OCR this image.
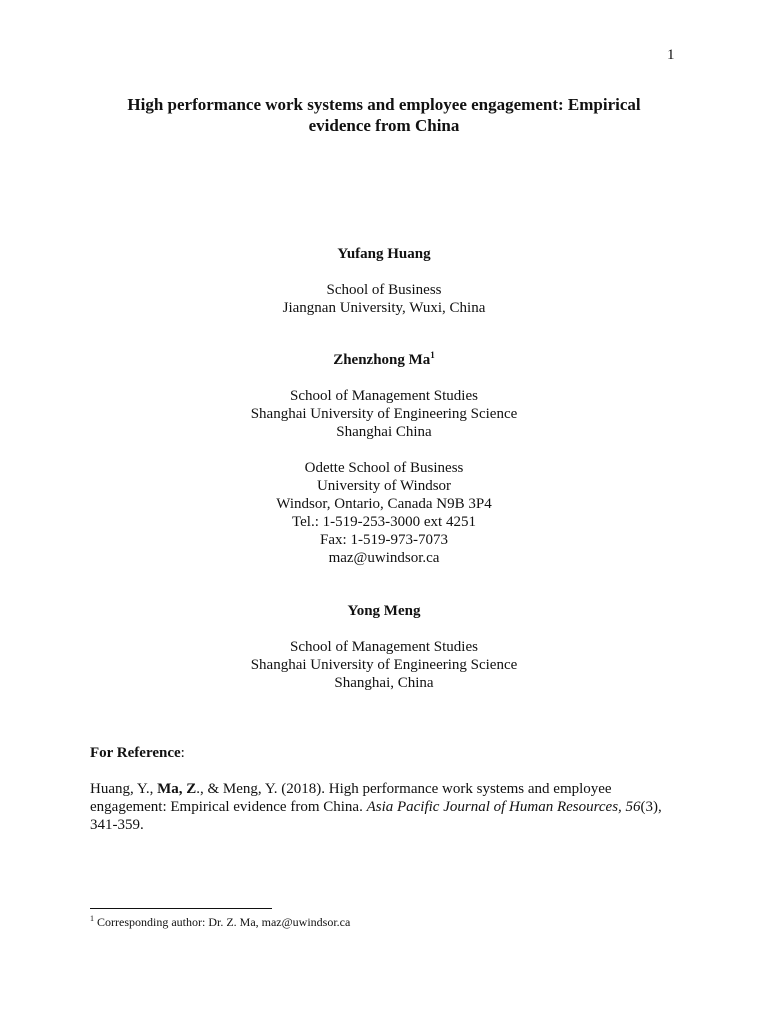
1
High performance work systems and employee engagement: Empirical evidence from China
Yufang Huang
School of Business
Jiangnan University, Wuxi, China
Zhenzhong Ma$^1$
School of Management Studies
Shanghai University of Engineering Science
Shanghai China
Odette School of Business
University of Windsor
Windsor, Ontario, Canada N9B 3P4
Tel.: 1-519-253-3000 ext 4251
Fax: 1-519-973-7073
maz@uwindsor.ca
Yong Meng
School of Management Studies
Shanghai University of Engineering Science
Shanghai, China
For Reference:
Huang, Y., Ma, Z., & Meng, Y. (2018). High performance work systems and employee engagement: Empirical evidence from China. Asia Pacific Journal of Human Resources, 56(3), 341-359.
$^1$ Corresponding author: Dr. Z. Ma, maz@uwindsor.ca
